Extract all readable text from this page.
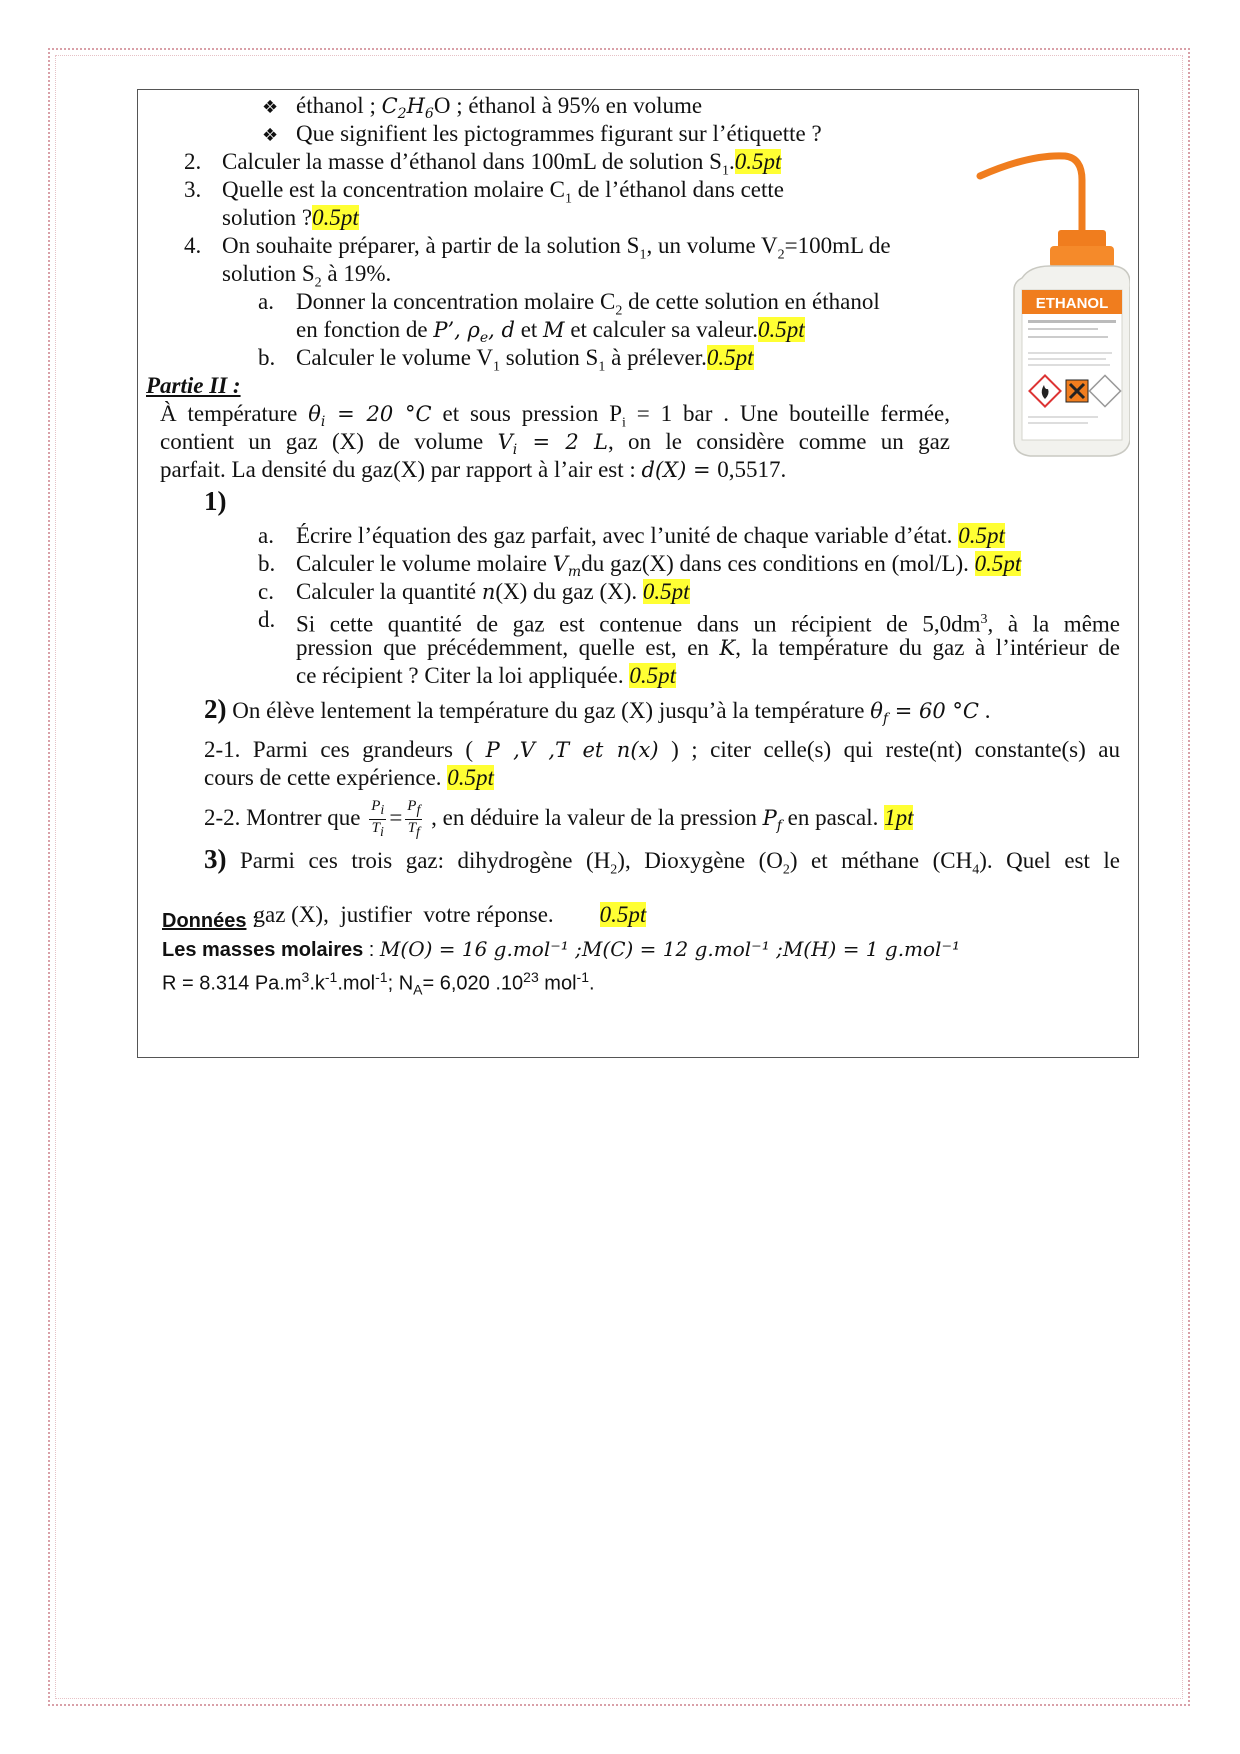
❖ éthanol ; $C_2H_6O$ ; éthanol à 95% en volume
❖ Que signifient les pictogrammes figurant sur l’étiquette ?
2. Calculer la masse d’éthanol dans 100mL de solution $S_1.0.5pt$
3. Quelle est la concentration molaire $C_1$ de l’éthanol dans cette
solution ?0.5pt
4. On souhaite préparer, à partir de la solution $S_1$, un volume $V_2=100mL$ de
solution $S_2$ à 19%.
a. Donner la concentration molaire $C_2$ de cette solution en éthanol
en fonction de P’, $\rho_e$, d et M et calculer sa valeur.0.5pt
b. Calculer le volume $V_1$ solution $S_1$ à prélever.0.5pt
Partie II :
À température $\theta_i = 20$ °C et sous pression $P_i = 1$ bar . Une bouteille fermée,
contient un gaz (X) de volume $V_i = 2$ L, on le considère comme un gaz
parfait. La densité du gaz(X) par rapport à l’air est : d(X) = 0,5517.
1)
a. Écrire l’équation des gaz parfait, avec l’unité de chaque variable d’état. 0.5pt
b. Calculer le volume molaire $V_mdu$ gaz(X) dans ces conditions en (mol/L). 0.5pt
c. Calculer la quantité n(X) du gaz (X). 0.5pt
d. Si cette quantité de gaz est contenue dans un récipient de $5,0dm^3$, à la même
pression que précédemment, quelle est, en K, la température du gaz à l’intérieur de
ce récipient ? Citer la loi appliquée. 0.5pt
2) On élève lentement la température du gaz (X) jusqu’à la température $\theta_f = 60$ °C .
2-1. Parmi ces grandeurs ( P ,V ,T et n(x) ) ; citer celle(s) qui reste(nt) constante(s) au
cours de cette expérience. 0.5pt
2-2. Montrer que $\frac{P_i}{T_i} = \frac{P_f}{T_f}$ , en déduire la valeur de la pression $P_f$ en pascal. 1pt
3) Parmi ces trois gaz: dihydrogène $(H_2)$, Dioxygène $(O_2)$ et méthane $(CH_4)$. Quel est le

gaz (X),  justifier  votre réponse.        0.5pt

Données :
Les masses molaires : M(O) = 16 g.mol⁻¹ ;M(C) = 12 g.mol⁻¹ ;M(H) = 1 g.mol⁻¹
R = 8.314 $Pa.m^3.k^{-1}.mol^{-1}$; $N_A= 6,020$ $.10^{23}$ mol$^{-1}$.
ETHANOL
